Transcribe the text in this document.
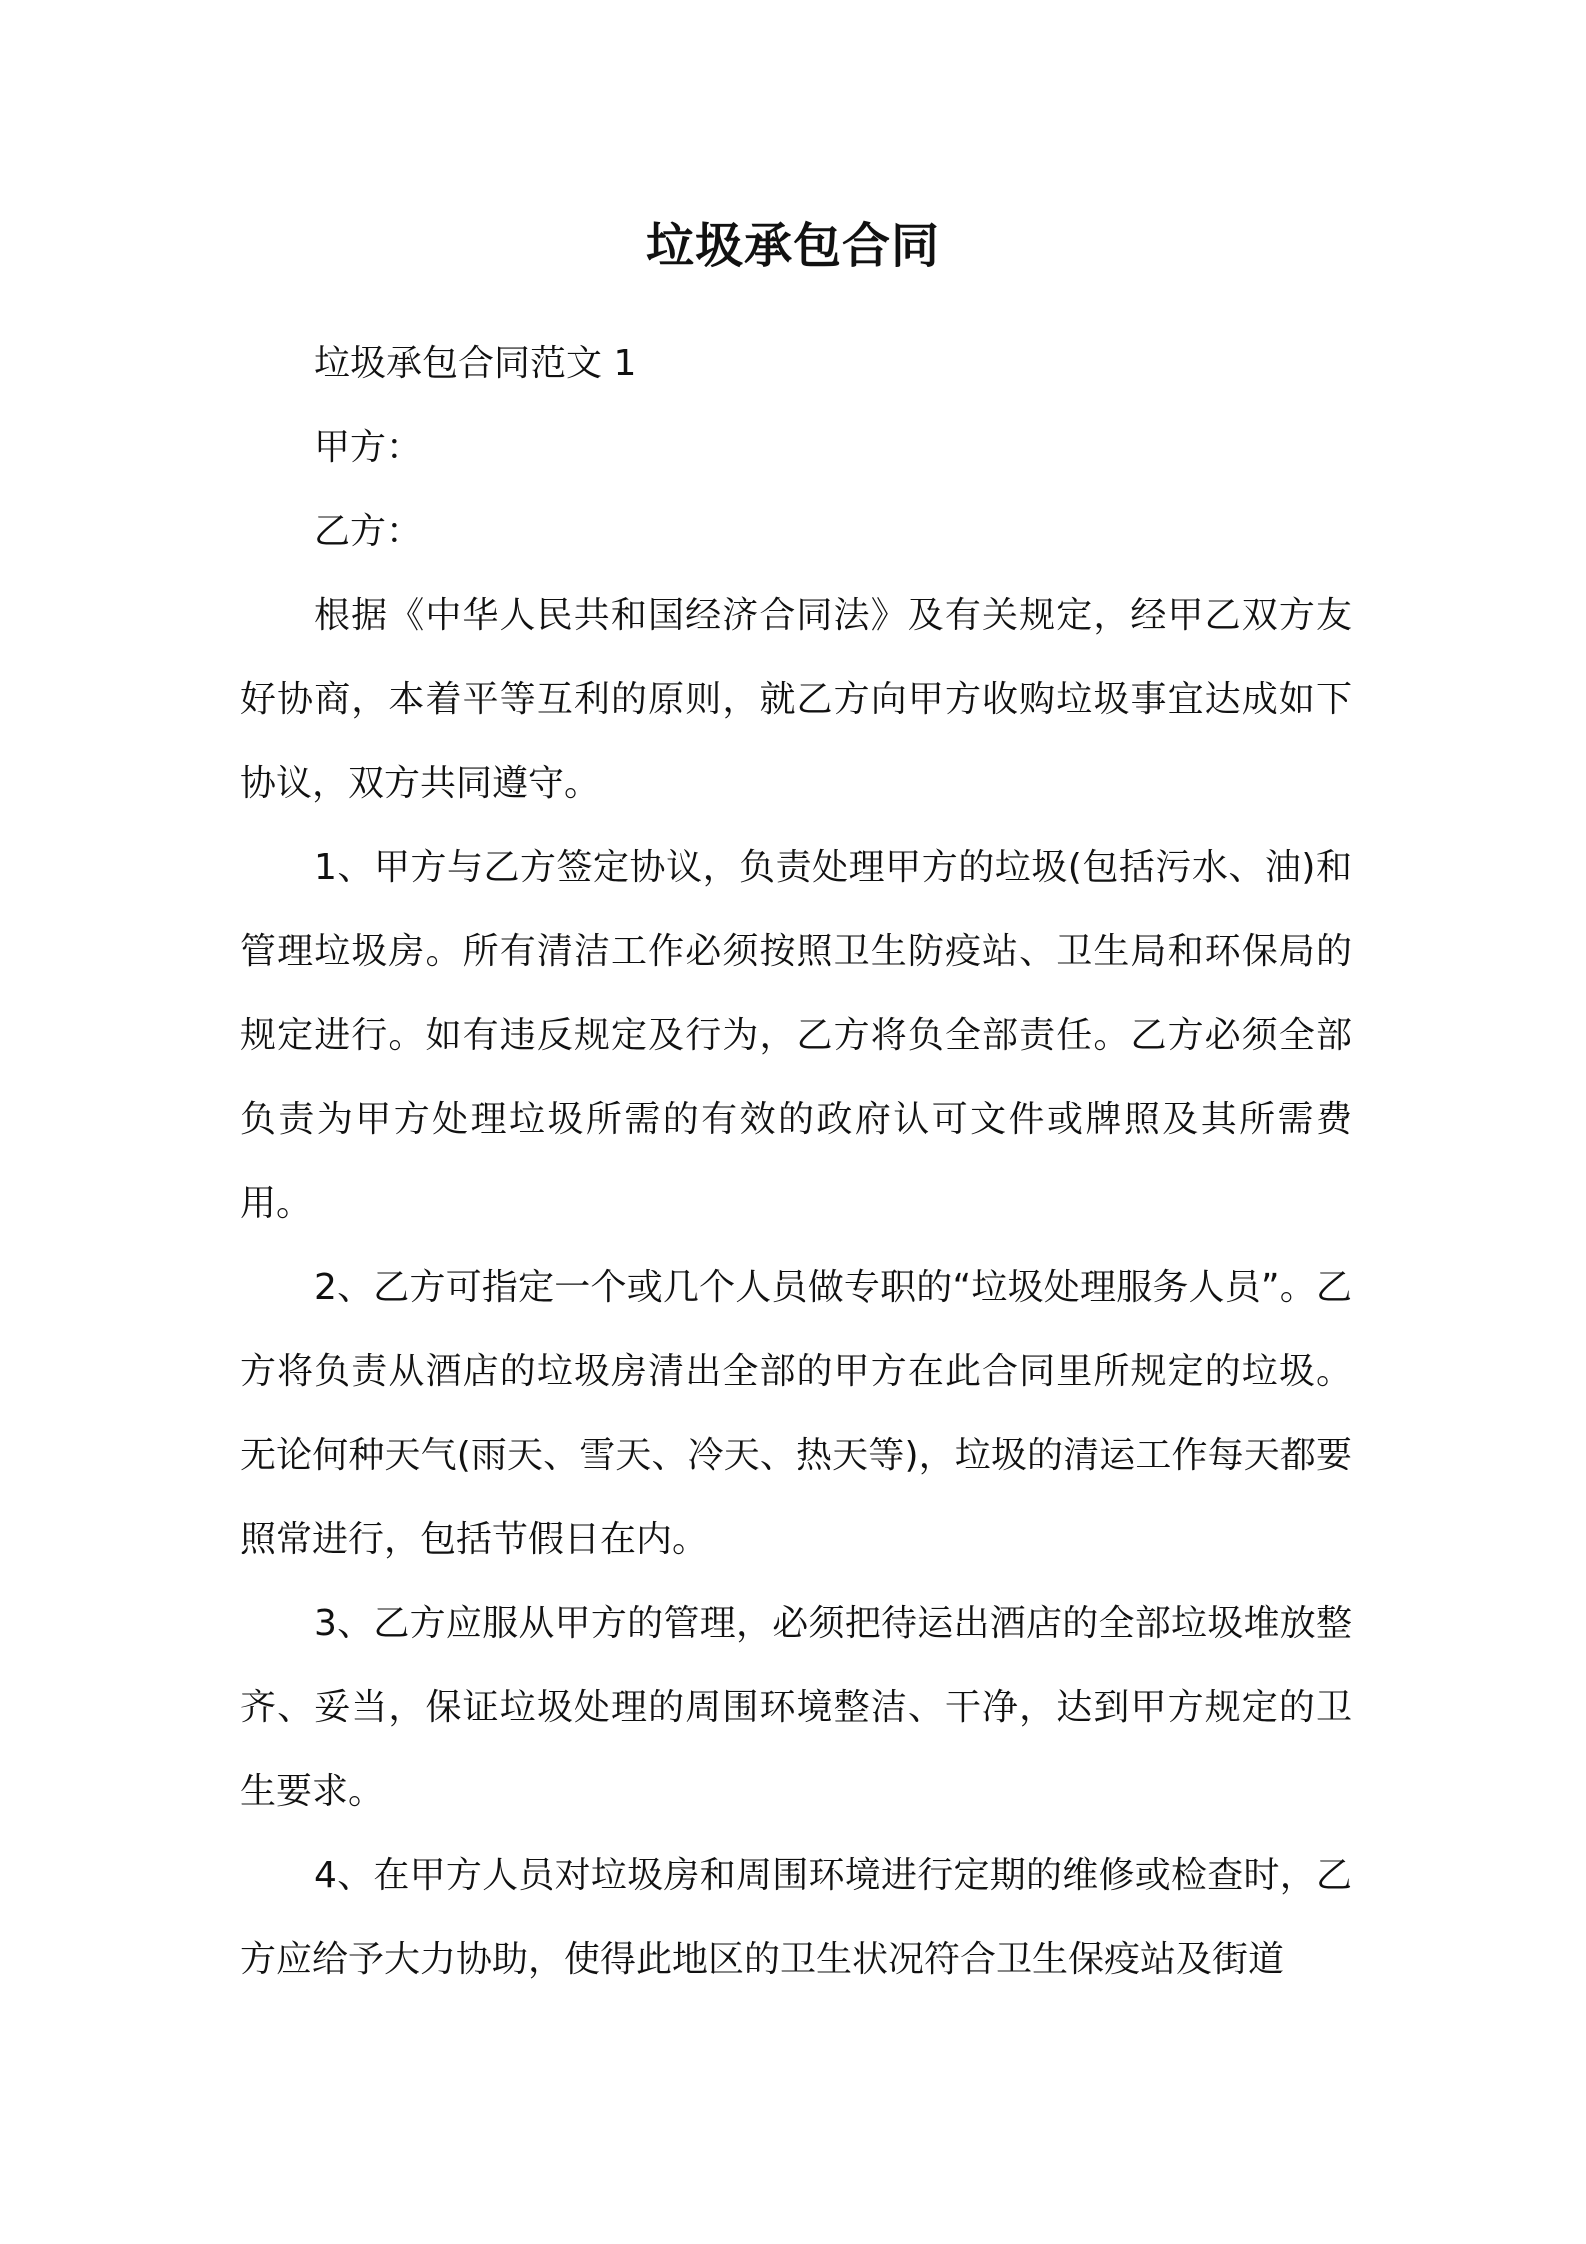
垃圾承包合同

垃圾承包合同范文 1

甲方：

乙方：

根据《中华人民共和国经济合同法》及有关规定，经甲乙双方友好协商，本着平等互利的原则，就乙方向甲方收购垃圾事宜达成如下协议，双方共同遵守。

1、甲方与乙方签定协议，负责处理甲方的垃圾(包括污水、油)和管理垃圾房。所有清洁工作必须按照卫生防疫站、卫生局和环保局的规定进行。如有违反规定及行为，乙方将负全部责任。乙方必须全部负责为甲方处理垃圾所需的有效的政府认可文件或牌照及其所需费用。

2、乙方可指定一个或几个人员做专职的“垃圾处理服务人员”。乙方将负责从酒店的垃圾房清出全部的甲方在此合同里所规定的垃圾。无论何种天气(雨天、雪天、冷天、热天等)，垃圾的清运工作每天都要照常进行，包括节假日在内。

3、乙方应服从甲方的管理，必须把待运出酒店的全部垃圾堆放整齐、妥当，保证垃圾处理的周围环境整洁、干净，达到甲方规定的卫生要求。

4、在甲方人员对垃圾房和周围环境进行定期的维修或检查时，乙方应给予大力协助，使得此地区的卫生状况符合卫生保疫站及街道
